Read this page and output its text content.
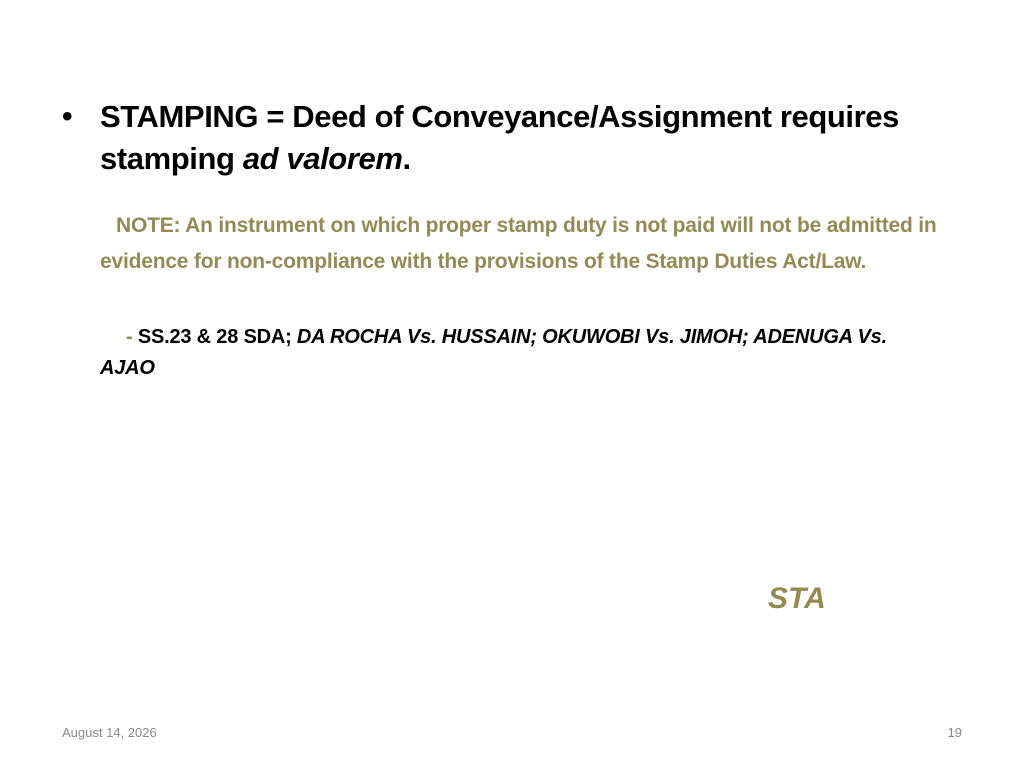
• STAMPING = Deed of Conveyance/Assignment requires stamping ad valorem.
NOTE: An instrument on which proper stamp duty is not paid will not be admitted in evidence for non-compliance with the provisions of the Stamp Duties Act/Law.
- SS.23 & 28 SDA; DA ROCHA Vs. HUSSAIN; OKUWOBI Vs. JIMOH; ADENUGA Vs. AJAO
STA
August 14, 2026	19
